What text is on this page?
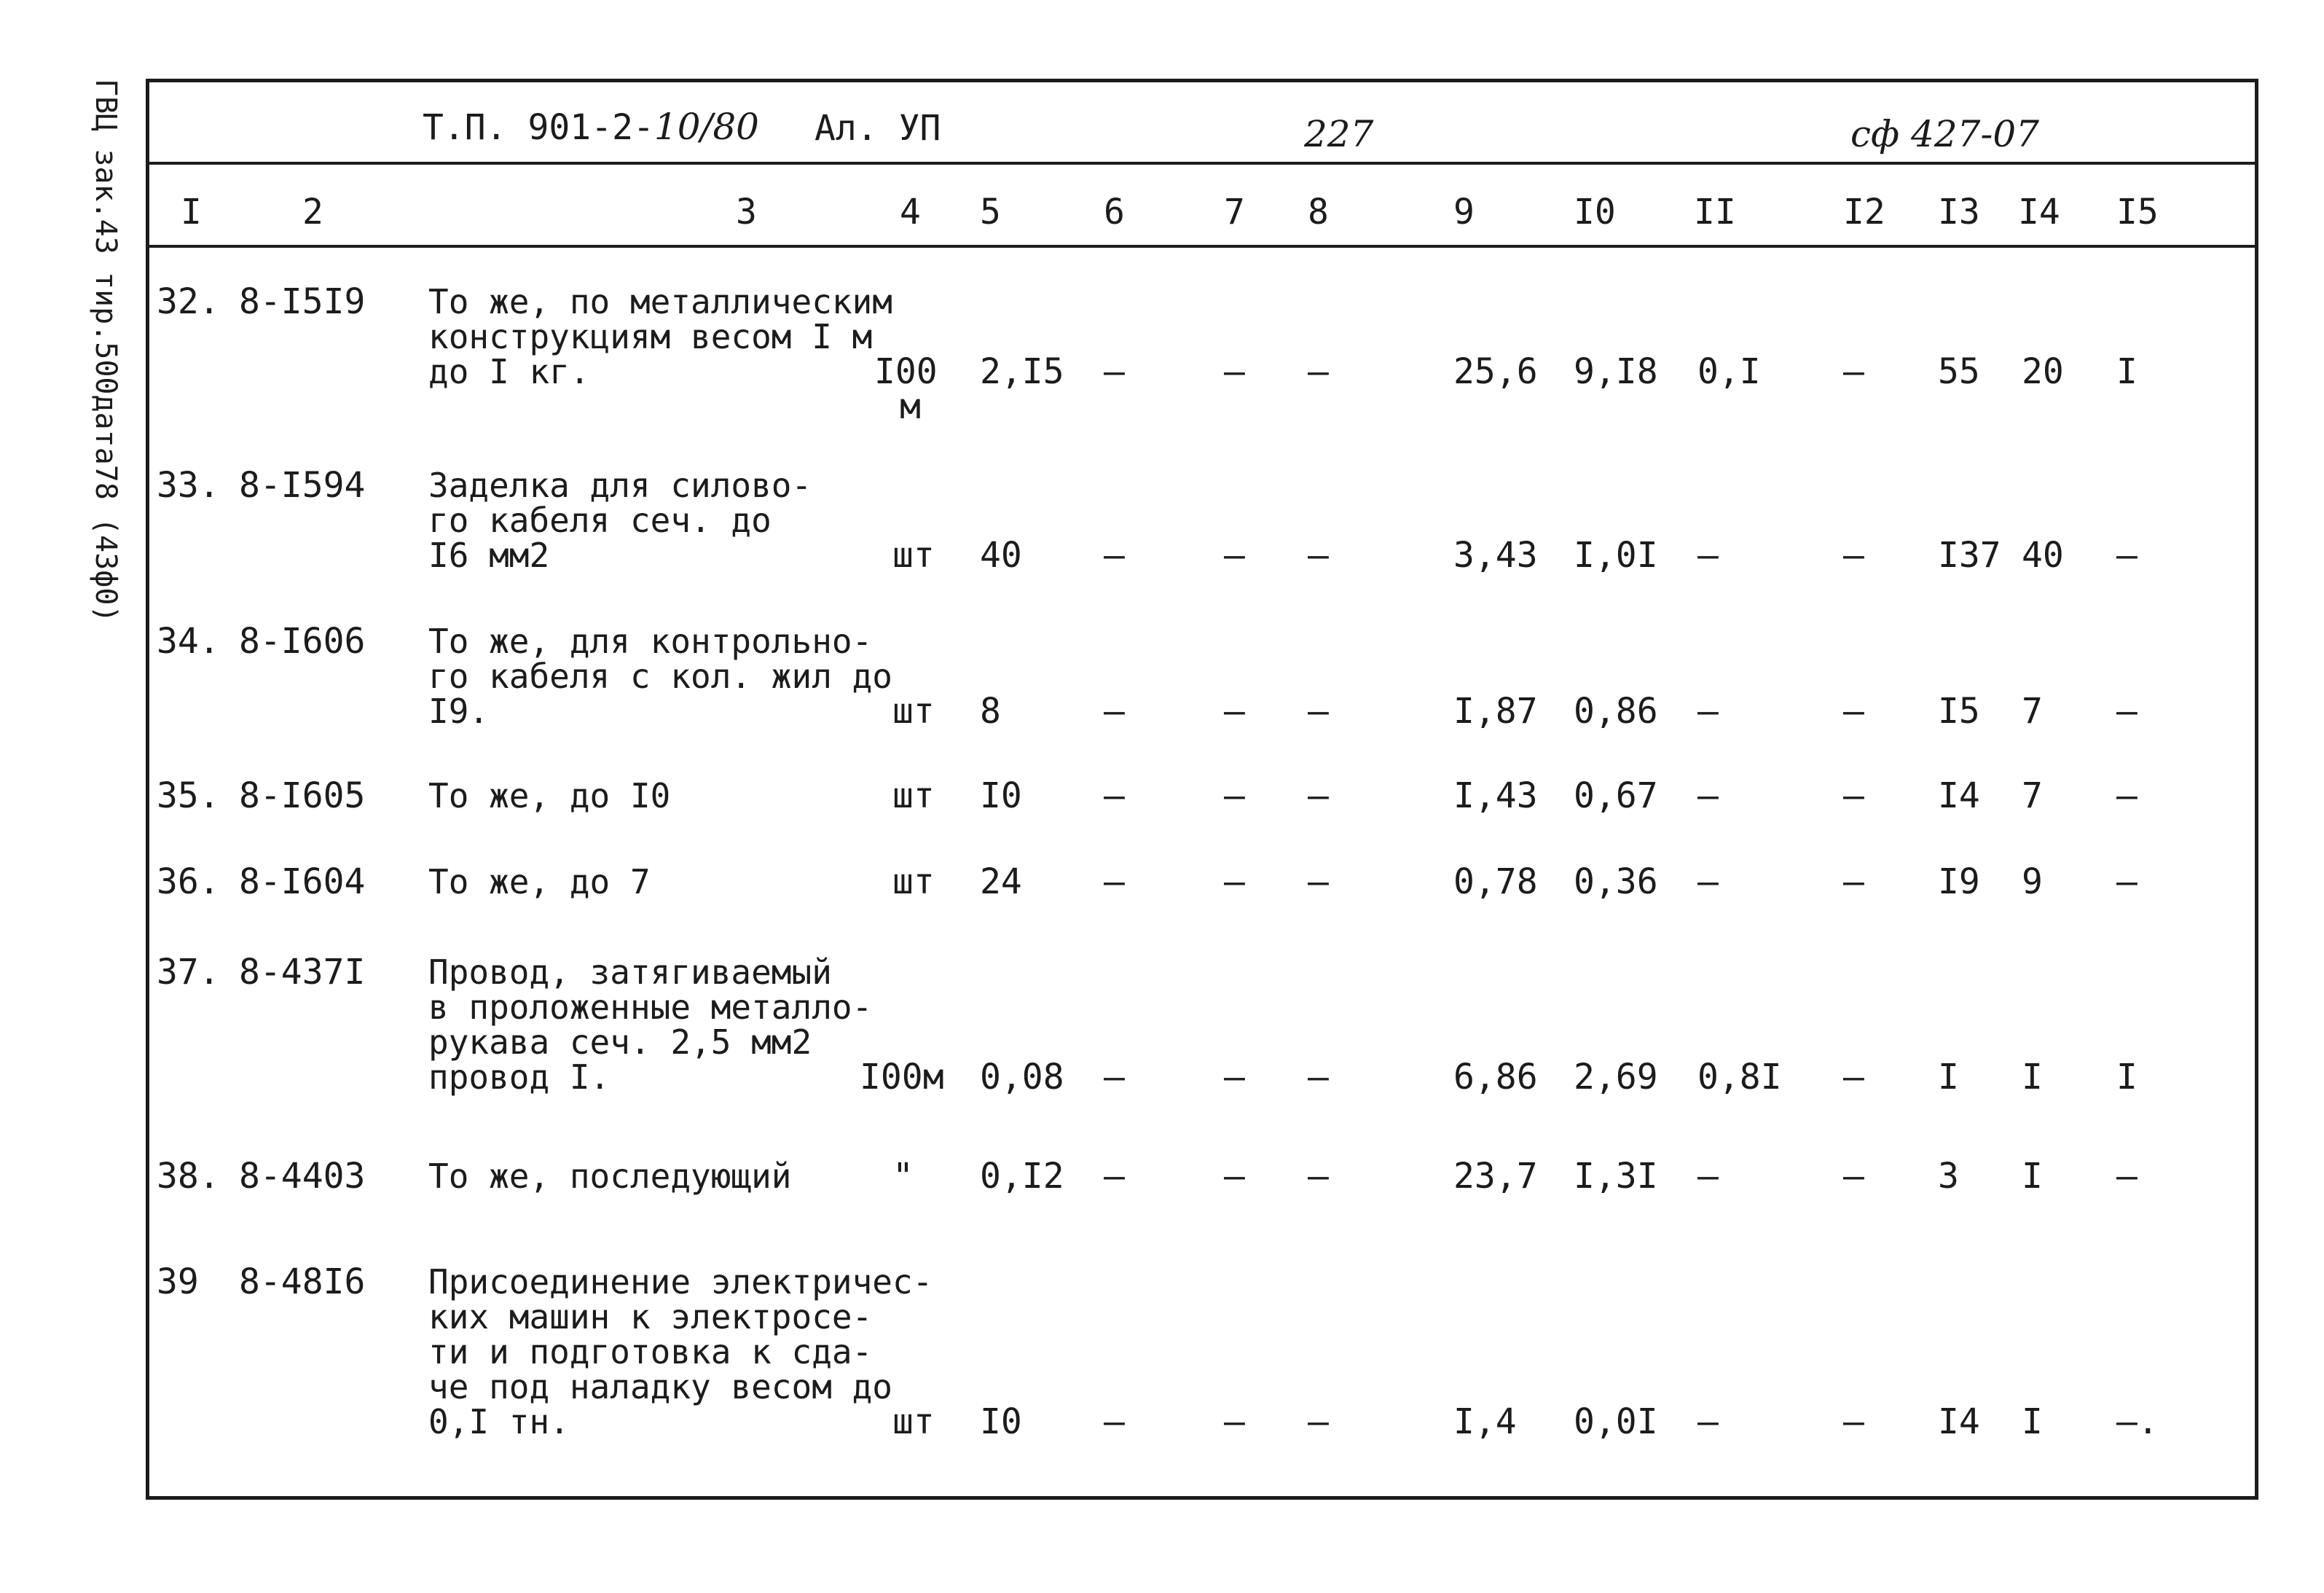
ГВЦ зак.43 тир.500дата78 (43ф0)	Т.П. 901-2-10/80 Ал. УП	227	сф 427-07
I	2	3	4 5	6	7 8	9	I0 II	I2 I3 I4 I5
32. 8-I5I9 То же, по металлическим
конструкциям весом I м
до I кг.	I00
м
2,I5 –	– –	25,6 9,I8 0,I – 55 20 I
33. 8-I594 Заделка для силово-
го кабеля сеч. до
I6 мм2	шт 40 –	– –	3,43 I,0I –	– I37 40 –
34. 8-I606 То же, для контрольно-
го кабеля с кол. жил до
I9.	шт 8	–	– –	I,87 0,86 –	– I5 7 –
35. 8-I605 То же, до I0	шт I0 –	– –	I,43 0,67 –	– I4 7 –
36. 8-I604 То же, до 7	шт 24 –	– –	0,78 0,36 –	– I9 9 –
37. 8-437I Провод, затягиваемый
в проложенные металло-
рукава сеч. 2,5 мм2
провод I.	I00м 0,08 –	– –	6,86 2,69 0,8I – I I I
38. 8-4403 То же, последующий	" 0,I2 –	– –	23,7 I,3I –	– 3 I –
39 8-48I6 Присоединение электричес-
ких машин к электросе-
ти и подготовка к сда-
че под наладку весом до
0,I тн.	шт I0 –	– –	I,4 0,0I –	– I4 I –.
